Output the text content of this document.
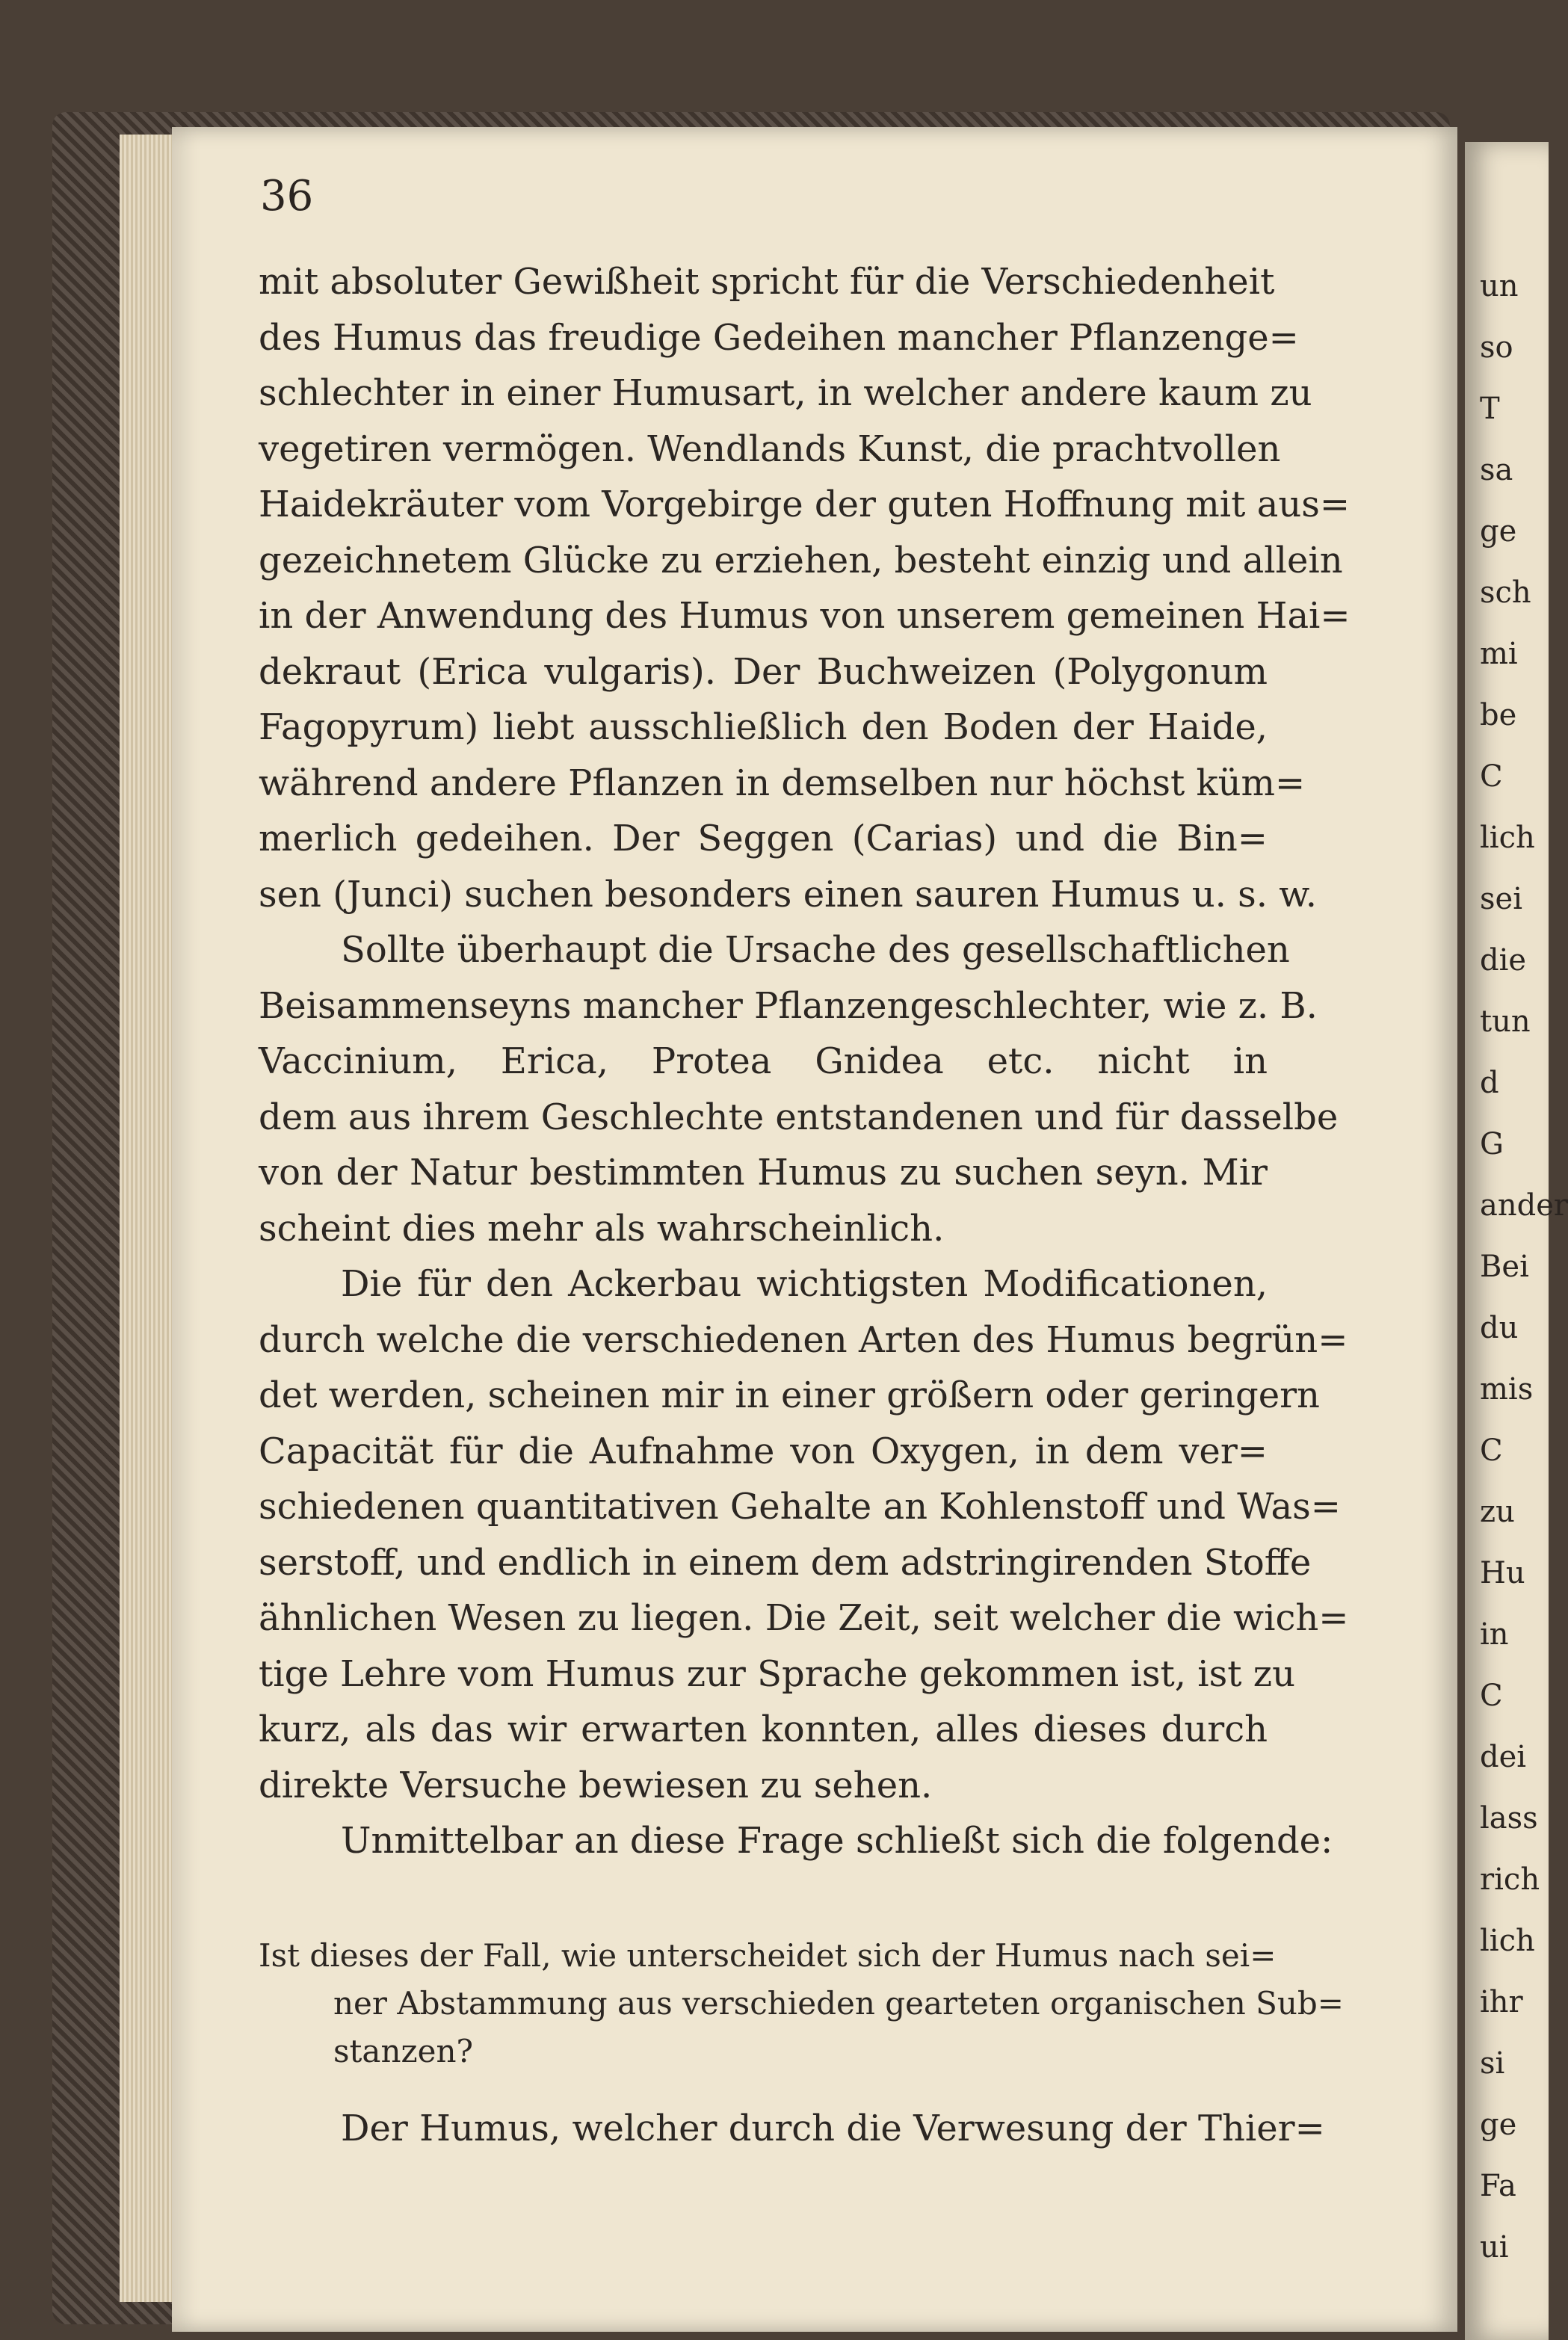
un
so
T
sa
ge
sch
mi
be
C
lich
sei
die
tun
d
G
ander
Bei
du
mis
C
zu
Hu
in
C
dei
lass
rich
lich
ihr
si
ge
Fa
ui
36
mit absoluter Gewißheit spricht für die Verschiedenheit
des Humus das freudige Gedeihen mancher Pflanzenge=
schlechter in einer Humusart, in welcher andere kaum zu
vegetiren vermögen. Wendlands Kunst, die prachtvollen
Haidekräuter vom Vorgebirge der guten Hoffnung mit aus=
gezeichnetem Glücke zu erziehen, besteht einzig und allein
in der Anwendung des Humus von unserem gemeinen Hai=
dekraut (Erica vulgaris). Der Buchweizen (Polygonum
Fagopyrum) liebt ausschließlich den Boden der Haide,
während andere Pflanzen in demselben nur höchst küm=
merlich gedeihen. Der Seggen (Carias) und die Bin=
sen (Junci) suchen besonders einen sauren Humus u. s. w.
Sollte überhaupt die Ursache des gesellschaftlichen
Beisammenseyns mancher Pflanzengeschlechter, wie z. B.
Vaccinium, Erica, Protea Gnidea etc. nicht in
dem aus ihrem Geschlechte entstandenen und für dasselbe
von der Natur bestimmten Humus zu suchen seyn. Mir
scheint dies mehr als wahrscheinlich.
Die für den Ackerbau wichtigsten Modificationen,
durch welche die verschiedenen Arten des Humus begrün=
det werden, scheinen mir in einer größern oder geringern
Capacität für die Aufnahme von Oxygen, in dem ver=
schiedenen quantitativen Gehalte an Kohlenstoff und Was=
serstoff, und endlich in einem dem adstringirenden Stoffe
ähnlichen Wesen zu liegen. Die Zeit, seit welcher die wich=
tige Lehre vom Humus zur Sprache gekommen ist, ist zu
kurz, als das wir erwarten konnten, alles dieses durch
direkte Versuche bewiesen zu sehen.
Unmittelbar an diese Frage schließt sich die folgende:
Ist dieses der Fall, wie unterscheidet sich der Humus nach sei=
ner Abstammung aus verschieden gearteten organischen Sub=
stanzen?
Der Humus, welcher durch die Verwesung der Thier=
